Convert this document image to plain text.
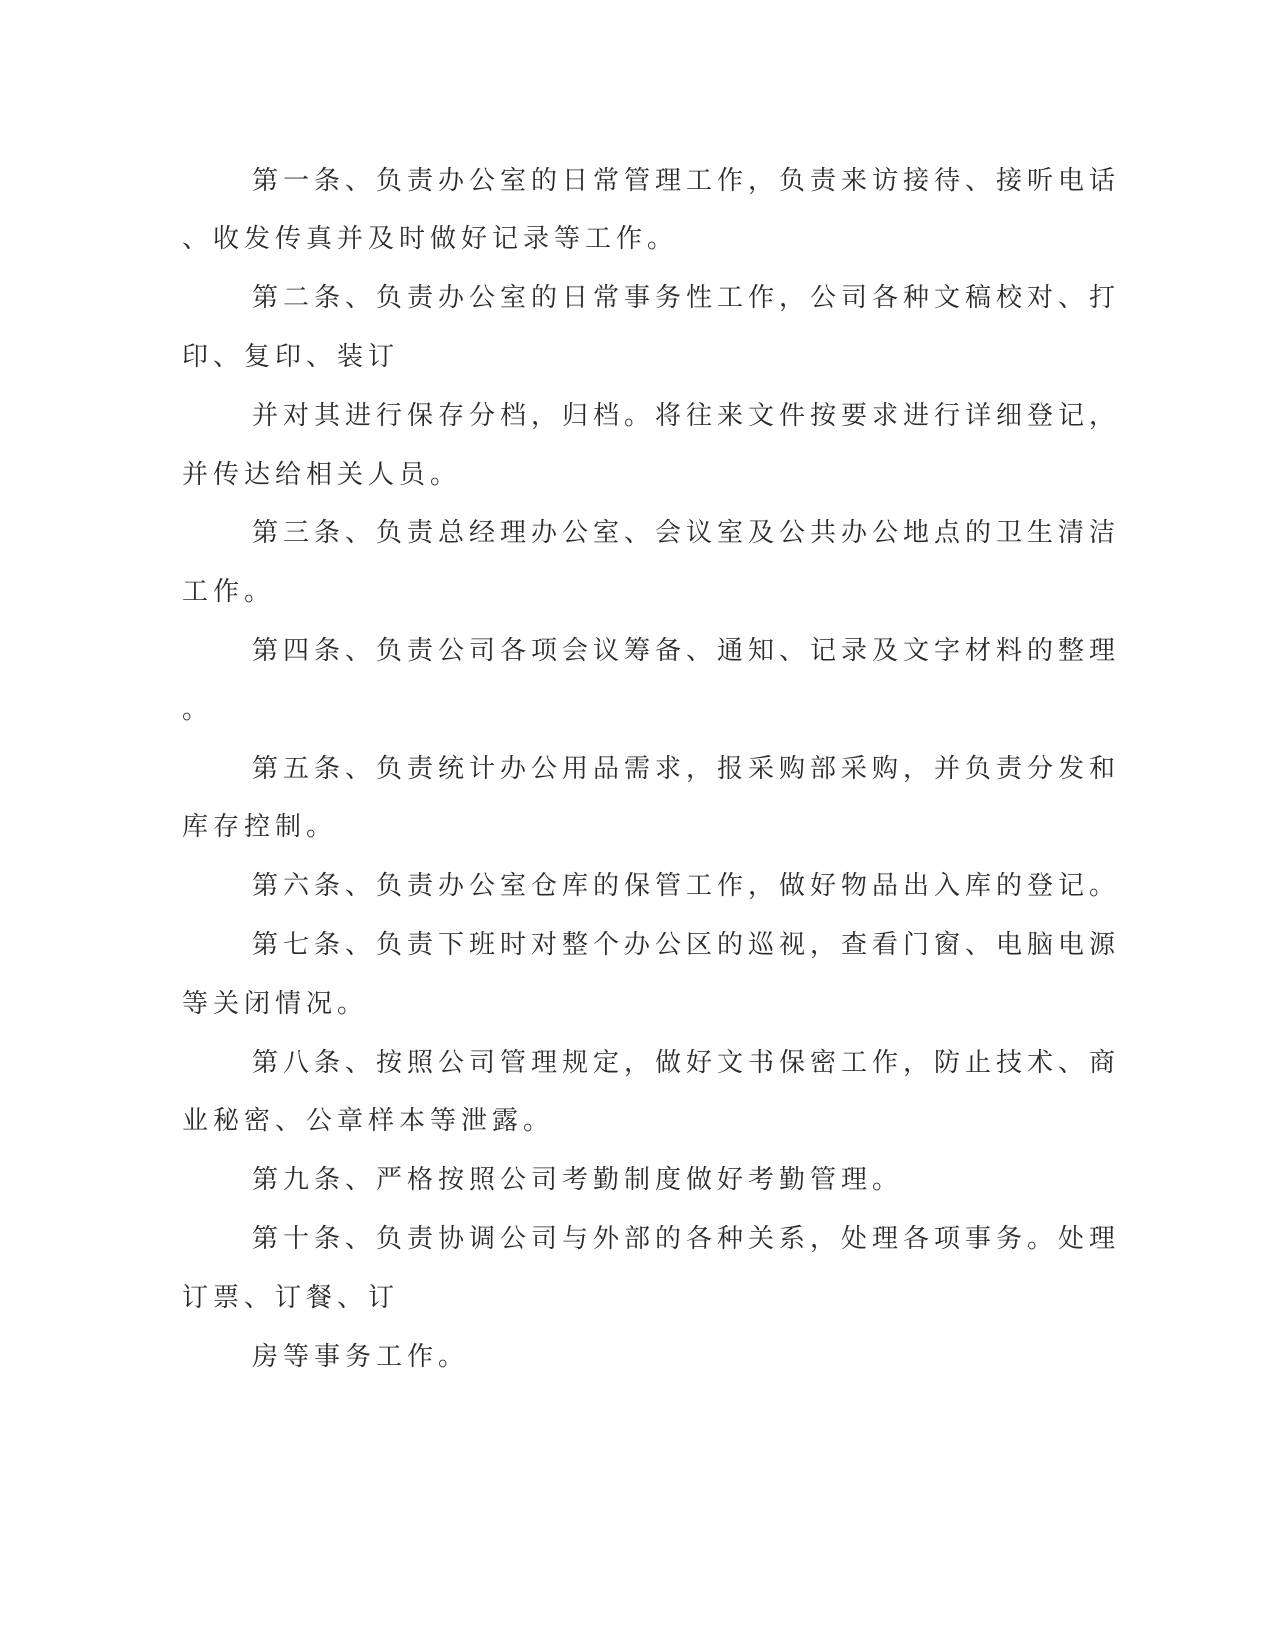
第一条、负责办公室的日常管理工作，负责来访接待、接听电话

、收发传真并及时做好记录等工作。

第二条、负责办公室的日常事务性工作，公司各种文稿校对、打

印、复印、装订

并对其进行保存分档，归档。将往来文件按要求进行详细登记，

并传达给相关人员。

第三条、负责总经理办公室、会议室及公共办公地点的卫生清洁

工作。

第四条、负责公司各项会议筹备、通知、记录及文字材料的整理

。

第五条、负责统计办公用品需求，报采购部采购，并负责分发和

库存控制。

第六条、负责办公室仓库的保管工作，做好物品出入库的登记。

第七条、负责下班时对整个办公区的巡视，查看门窗、电脑电源

等关闭情况。

第八条、按照公司管理规定，做好文书保密工作，防止技术、商

业秘密、公章样本等泄露。

第九条、严格按照公司考勤制度做好考勤管理。

第十条、负责协调公司与外部的各种关系，处理各项事务。处理

订票、订餐、订

房等事务工作。
